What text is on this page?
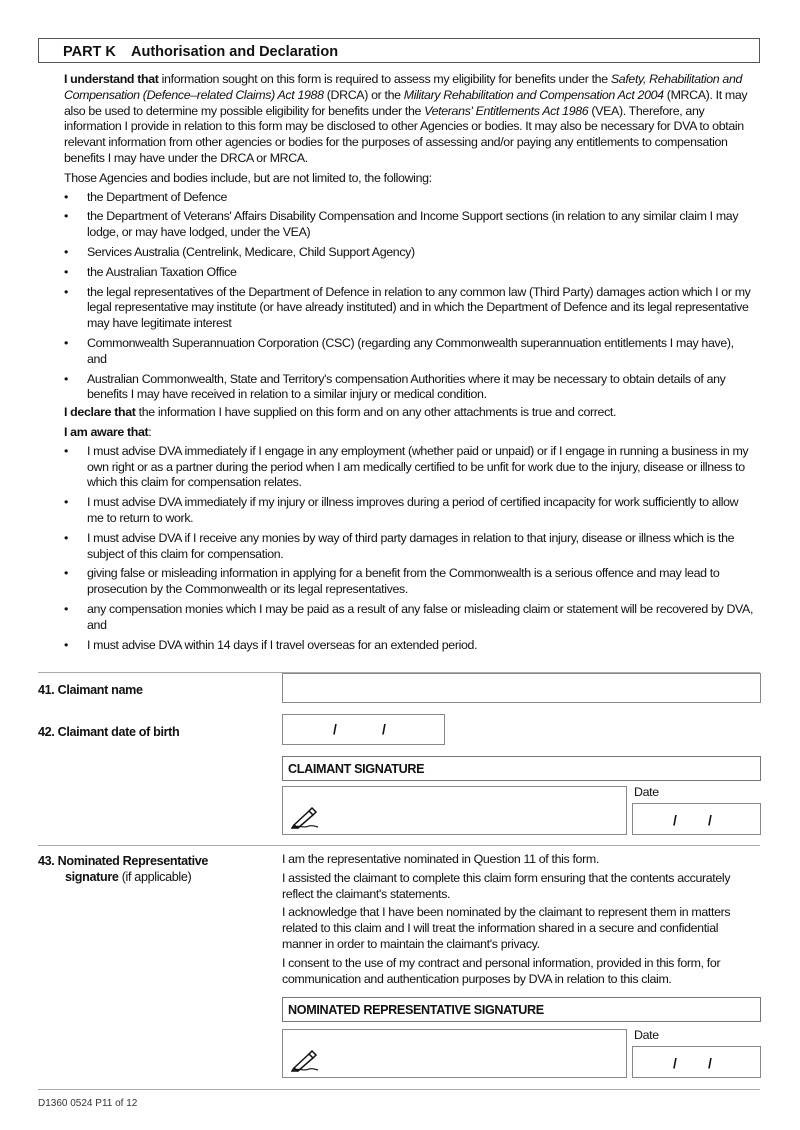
PART K Authorisation and Declaration

I understand that information sought on this form is required to assess my eligibility for benefits under the Safety, Rehabilitation and Compensation (Defence–related Claims) Act 1988 (DRCA) or the Military Rehabilitation and Compensation Act 2004 (MRCA). It may also be used to determine my possible eligibility for benefits under the Veterans' Entitlements Act 1986 (VEA). Therefore, any information I provide in relation to this form may be disclosed to other Agencies or bodies. It may also be necessary for DVA to obtain relevant information from other agencies or bodies for the purposes of assessing and/or paying any entitlements to compensation benefits I may have under the DRCA or MRCA.

Those Agencies and bodies include, but are not limited to, the following:

• the Department of Defence
• the Department of Veterans' Affairs Disability Compensation and Income Support sections (in relation to any similar claim I may lodge, or may have lodged, under the VEA)
• Services Australia (Centrelink, Medicare, Child Support Agency)
• the Australian Taxation Office
• the legal representatives of the Department of Defence in relation to any common law (Third Party) damages action which I or my legal representative may institute (or have already instituted) and in which the Department of Defence and its legal representative may have legitimate interest
• Commonwealth Superannuation Corporation (CSC) (regarding any Commonwealth superannuation entitlements I may have), and
• Australian Commonwealth, State and Territory's compensation Authorities where it may be necessary to obtain details of any benefits I may have received in relation to a similar injury or medical condition.

I declare that the information I have supplied on this form and on any other attachments is true and correct.

I am aware that:

• I must advise DVA immediately if I engage in any employment (whether paid or unpaid) or if I engage in running a business in my own right or as a partner during the period when I am medically certified to be unfit for work due to the injury, disease or illness to which this claim for compensation relates.
• I must advise DVA immediately if my injury or illness improves during a period of certified incapacity for work sufficiently to allow me to return to work.
• I must advise DVA if I receive any monies by way of third party damages in relation to that injury, disease or illness which is the subject of this claim for compensation.
• giving false or misleading information in applying for a benefit from the Commonwealth is a serious offence and may lead to prosecution by the Commonwealth or its legal representatives.
• any compensation monies which I may be paid as a result of any false or misleading claim or statement will be recovered by DVA, and
• I must advise DVA within 14 days if I travel overseas for an extended period.
41. Claimant name
42. Claimant date of birth	/	/
CLAIMANT SIGNATURE
Date
/ /
43. Nominated Representative
signature (if applicable)

I am the representative nominated in Question 11 of this form.

I assisted the claimant to complete this claim form ensuring that the contents accurately reflect the claimant's statements.

I acknowledge that I have been nominated by the claimant to represent them in matters related to this claim and I will treat the information shared in a secure and confidential manner in order to maintain the claimant's privacy.

I consent to the use of my contract and personal information, provided in this form, for communication and authentication purposes by DVA in relation to this claim.

NOMINATED REPRESENTATIVE SIGNATURE
Date
/ /
D1360 0524 P11 of 12
